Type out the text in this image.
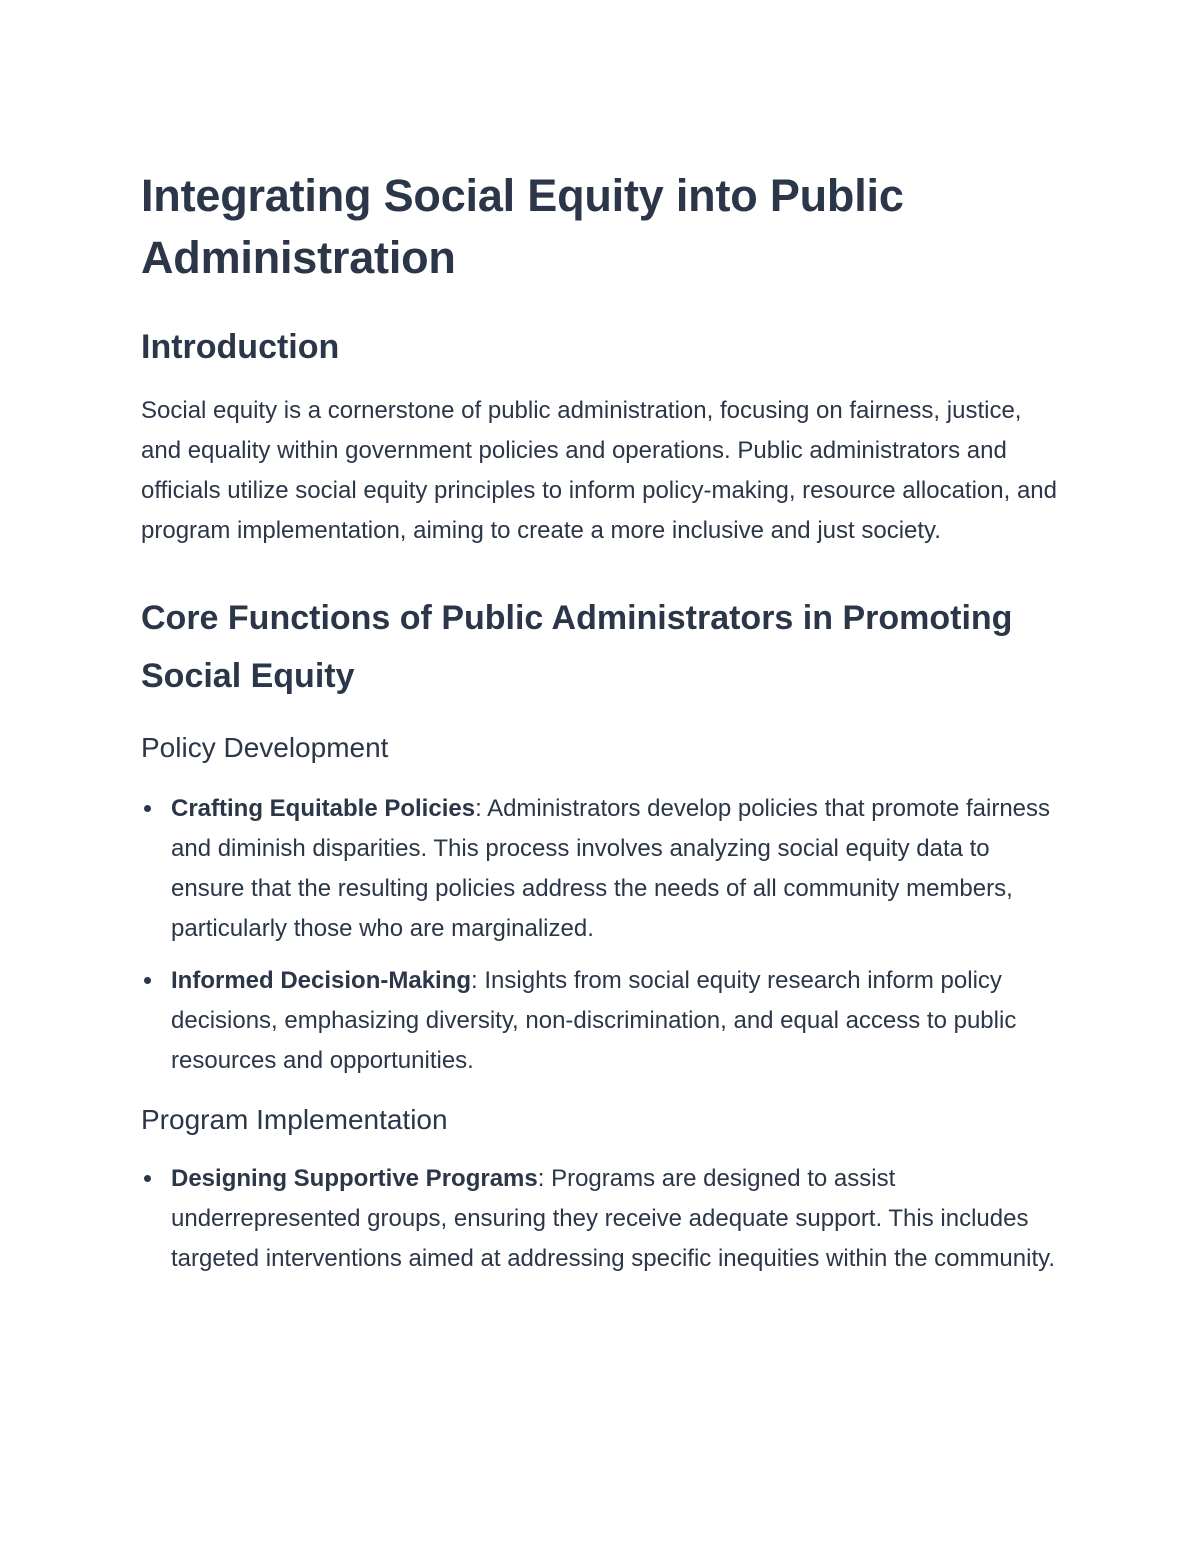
Integrating Social Equity into Public Administration
Introduction

Social equity is a cornerstone of public administration, focusing on fairness, justice, and equality within government policies and operations. Public administrators and officials utilize social equity principles to inform policy-making, resource allocation, and program implementation, aiming to create a more inclusive and just society.

Core Functions of Public Administrators in Promoting Social Equity
Policy Development
Crafting Equitable Policies: Administrators develop policies that promote fairness and diminish disparities. This process involves analyzing social equity data to ensure that the resulting policies address the needs of all community members, particularly those who are marginalized.
Informed Decision-Making: Insights from social equity research inform policy decisions, emphasizing diversity, non-discrimination, and equal access to public resources and opportunities.
Program Implementation
Designing Supportive Programs: Programs are designed to assist underrepresented groups, ensuring they receive adequate support. This includes targeted interventions aimed at addressing specific inequities within the community.
